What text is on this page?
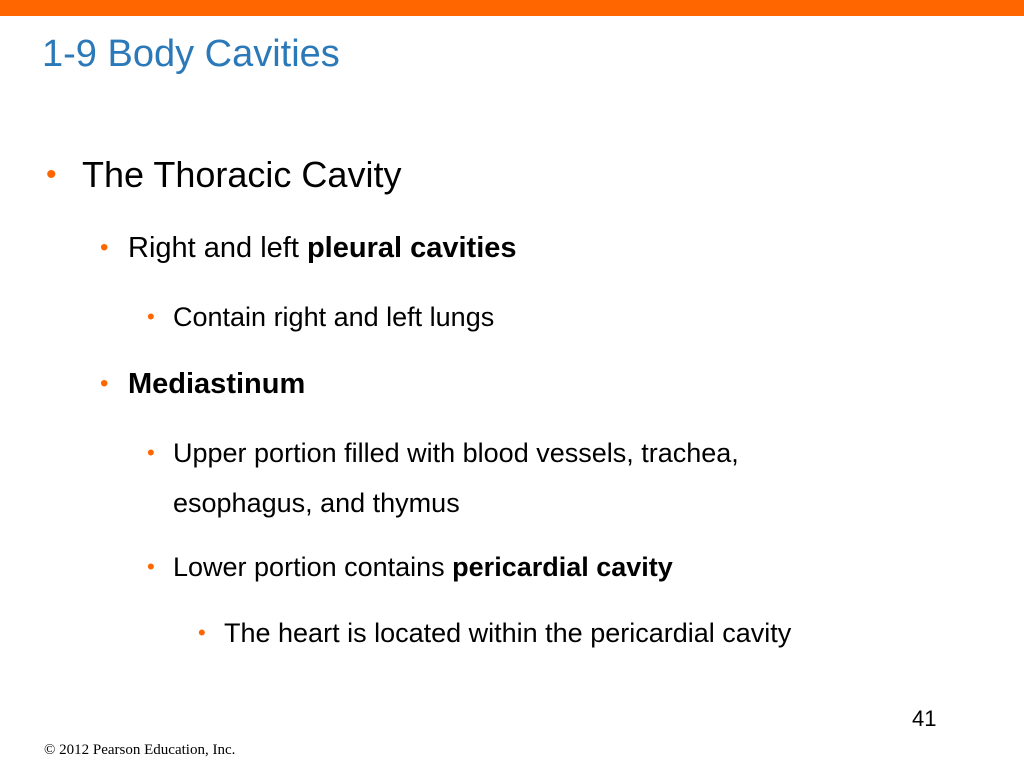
1-9 Body Cavities
• The Thoracic Cavity
• Right and left pleural cavities
• Contain right and left lungs
• Mediastinum
• Upper portion filled with blood vessels, trachea,
esophagus, and thymus
• Lower portion contains pericardial cavity
• The heart is located within the pericardial cavity
41
© 2012 Pearson Education, Inc.
